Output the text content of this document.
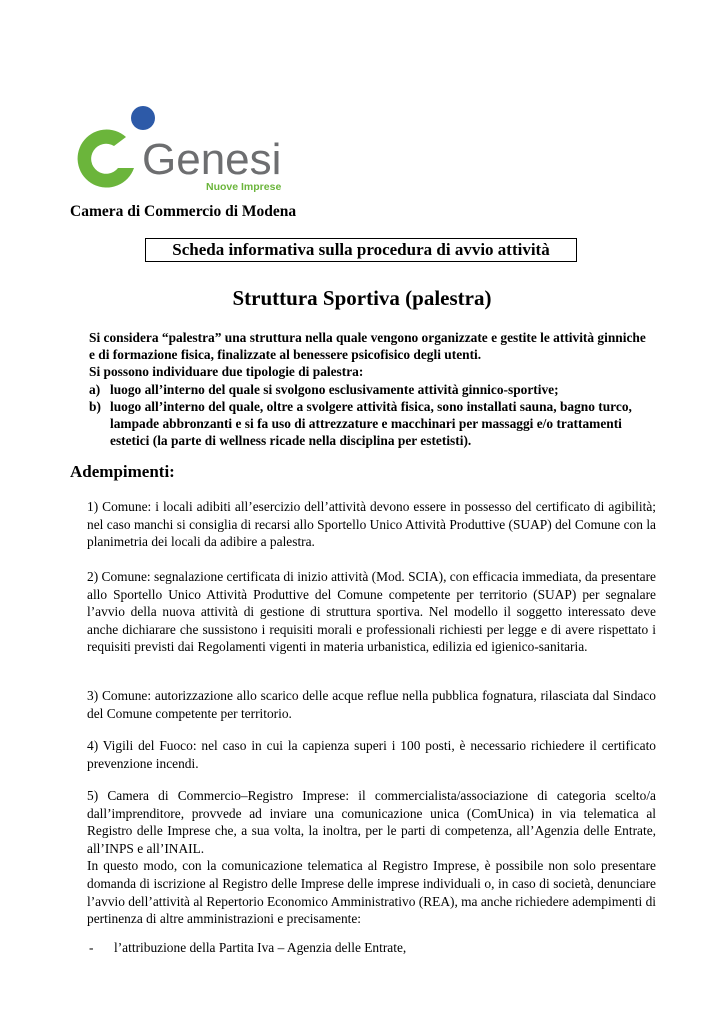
Genesi
Nuove Imprese
Camera di Commercio di Modena
Scheda informativa sulla procedura di avvio attività
Struttura Sportiva (palestra)

Si considera “palestra” una struttura nella quale vengono organizzate e gestite le attività ginniche e di formazione fisica, finalizzate al benessere psicofisico degli utenti.

Si possono individuare due tipologie di palestra:

a) luogo all’interno del quale si svolgono esclusivamente attività ginnico-sportive;
b) luogo all’interno del quale, oltre a svolgere attività fisica, sono installati sauna, bagno turco, lampade abbronzanti e si fa uso di attrezzature e macchinari per massaggi e/o trattamenti estetici (la parte di wellness ricade nella disciplina per estetisti).
Adempimenti:

1) Comune: i locali adibiti all’esercizio dell’attività devono essere in possesso del certificato di agibilità; nel caso manchi si consiglia di recarsi allo Sportello Unico Attività Produttive (SUAP) del Comune con la planimetria dei locali da adibire a palestra.

2) Comune: segnalazione certificata di inizio attività (Mod. SCIA), con efficacia immediata, da presentare allo Sportello Unico Attività Produttive del Comune competente per territorio (SUAP) per segnalare l’avvio della nuova attività di gestione di struttura sportiva. Nel modello il soggetto interessato deve anche dichiarare che sussistono i requisiti morali e professionali richiesti per legge e di avere rispettato i requisiti previsti dai Regolamenti vigenti in materia urbanistica, edilizia ed igienico-sanitaria.

3) Comune: autorizzazione allo scarico delle acque reflue nella pubblica fognatura, rilasciata dal Sindaco del Comune competente per territorio.

4) Vigili del Fuoco: nel caso in cui la capienza superi i 100 posti, è necessario richiedere il certificato prevenzione incendi.

5) Camera di Commercio–Registro Imprese: il commercialista/associazione di categoria scelto/a dall’imprenditore, provvede ad inviare una comunicazione unica (ComUnica) in via telematica al Registro delle Imprese che, a sua volta, la inoltra, per le parti di competenza, all’Agenzia delle Entrate, all’INPS e all’INAIL.

In questo modo, con la comunicazione telematica al Registro Imprese, è possibile non solo presentare domanda di iscrizione al Registro delle Imprese delle imprese individuali o, in caso di società, denunciare l’avvio dell’attività al Repertorio Economico Amministrativo (REA), ma anche richiedere adempimenti di pertinenza di altre amministrazioni e precisamente:

- l’attribuzione della Partita Iva – Agenzia delle Entrate,
